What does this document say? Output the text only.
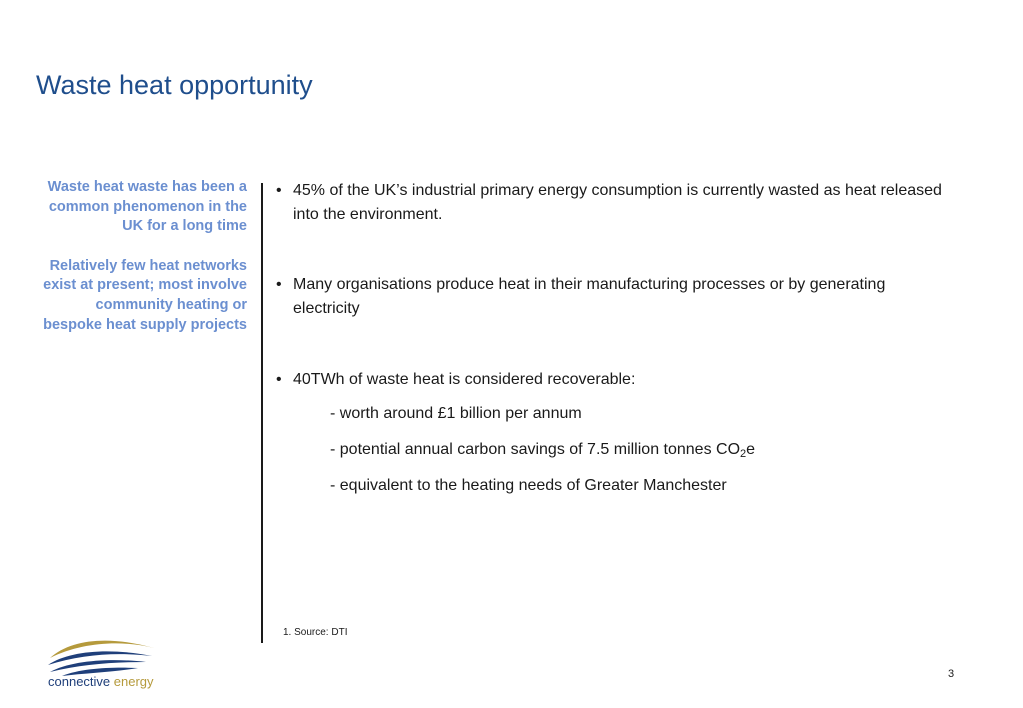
Waste heat opportunity

Waste heat waste has been a common phenomenon in the UK for a long time

Relatively few heat networks exist at present; most involve community heating or bespoke heat supply projects

• 45% of the UK’s industrial primary energy consumption is currently wasted as heat released into the environment.
• Many organisations produce heat in their manufacturing processes or by generating electricity
• 40TWh of waste heat is considered recoverable:
- worth around £1 billion per annum
- potential annual carbon savings of 7.5 million tonnes $CO_2e$
- equivalent to the heating needs of Greater Manchester
1. Source: DTI
connective energy	3
